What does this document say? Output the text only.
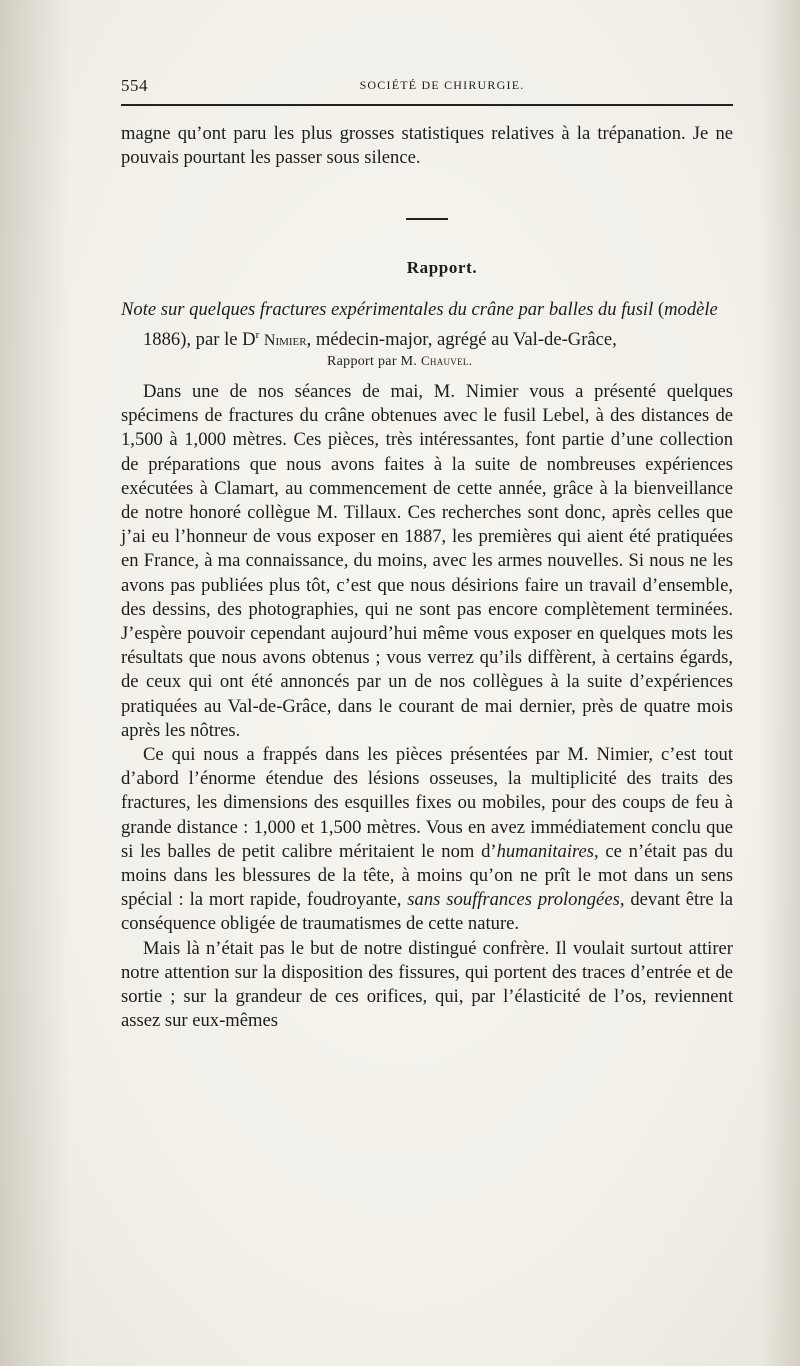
554	SOCIÉTÉ DE CHIRURGIE.

magne qu’ont paru les plus grosses statistiques relatives à la trépanation. Je ne pouvais pourtant les passer sous silence.

Rapport.

Note sur quelques fractures expérimentales du crâne par balles du fusil (modèle 1886), par le $D^r$ Nimier, médecin-major, agrégé au Val-de-Grâce,

Rapport par M. Chauvel.

Dans une de nos séances de mai, M. Nimier vous a présenté quelques spécimens de fractures du crâne obtenues avec le fusil Lebel, à des distances de 1,500 à 1,000 mètres. Ces pièces, très intéressantes, font partie d’une collection de préparations que nous avons faites à la suite de nombreuses expériences exécutées à Clamart, au commencement de cette année, grâce à la bienveillance de notre honoré collègue M. Tillaux. Ces recherches sont donc, après celles que j’ai eu l’honneur de vous exposer en 1887, les premières qui aient été pratiquées en France, à ma connaissance, du moins, avec les armes nouvelles. Si nous ne les avons pas publiées plus tôt, c’est que nous désirions faire un travail d’ensemble, des dessins, des photographies, qui ne sont pas encore complètement terminées. J’espère pouvoir cependant aujourd’hui même vous exposer en quelques mots les résultats que nous avons obtenus ; vous verrez qu’ils diffèrent, à certains égards, de ceux qui ont été annoncés par un de nos collègues à la suite d’expériences pratiquées au Val-de-Grâce, dans le courant de mai dernier, près de quatre mois après les nôtres.

Ce qui nous a frappés dans les pièces présentées par M. Nimier, c’est tout d’abord l’énorme étendue des lésions osseuses, la multiplicité des traits des fractures, les dimensions des esquilles fixes ou mobiles, pour des coups de feu à grande distance : 1,000 et 1,500 mètres. Vous en avez immédiatement conclu que si les balles de petit calibre méritaient le nom d’humanitaires, ce n’était pas du moins dans les blessures de la tête, à moins qu’on ne prît le mot dans un sens spécial : la mort rapide, foudroyante, sans souffrances prolongées, devant être la conséquence obligée de traumatismes de cette nature.

Mais là n’était pas le but de notre distingué confrère. Il voulait surtout attirer notre attention sur la disposition des fissures, qui portent des traces d’entrée et de sortie ; sur la grandeur de ces orifices, qui, par l’élasticité de l’os, reviennent assez sur eux-mêmes
